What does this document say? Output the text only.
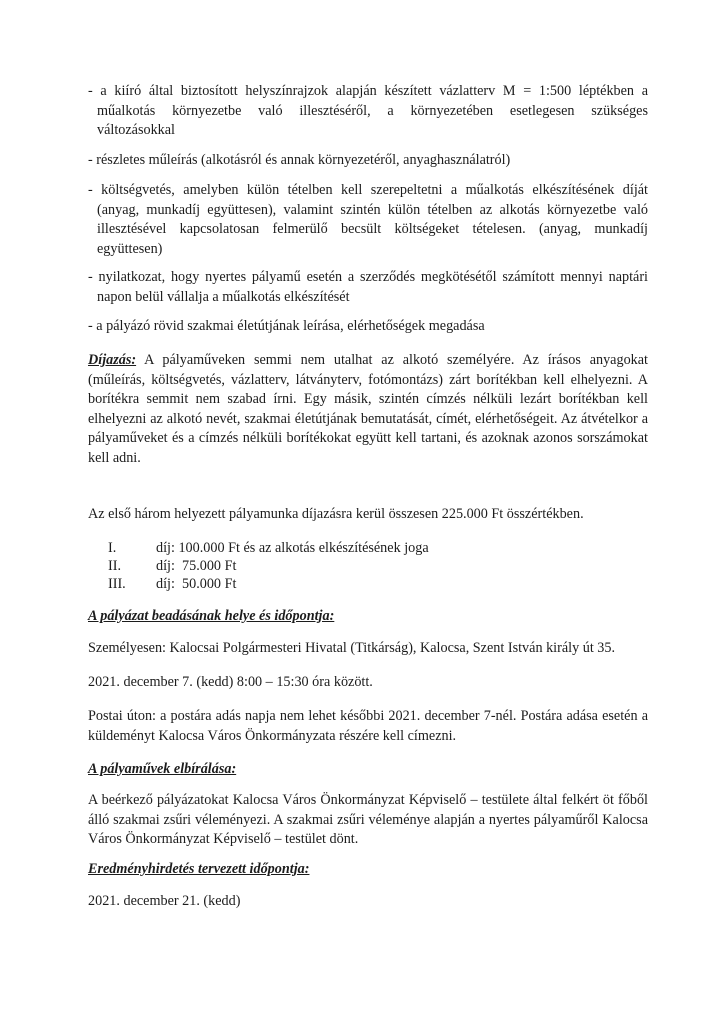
- a kiíró által biztosított helyszínrajzok alapján készített vázlatterv M = 1:500 léptékben a
műalkotás környezetbe való illesztéséről, a környezetében esetlegesen szükséges
változásokkal
- részletes műleírás (alkotásról és annak környezetéről, anyaghasználatról)
- költségvetés, amelyben külön tételben kell szerepeltetni a műalkotás elkészítésének díját
(anyag, munkadíj együttesen), valamint szintén külön tételben az alkotás környezetbe való
illesztésével kapcsolatosan felmerülő becsült költségeket tételesen. (anyag, munkadíj
együttesen)
- nyilatkozat, hogy nyertes pályamű esetén a szerződés megkötésétől számított mennyi naptári
napon belül vállalja a műalkotás elkészítését
- a pályázó rövid szakmai életútjának leírása, elérhetőségek megadása

Díjazás: A pályaműveken semmi nem utalhat az alkotó személyére. Az írásos anyagokat (műleírás, költségvetés, vázlatterv, látványterv, fotómontázs) zárt borítékban kell elhelyezni. A borítékra semmit nem szabad írni. Egy másik, szintén címzés nélküli lezárt borítékban kell elhelyezni az alkotó nevét, szakmai életútjának bemutatását, címét, elérhetőségeit. Az átvételkor a pályaműveket és a címzés nélküli borítékokat együtt kell tartani, és azoknak azonos sorszámokat kell adni.

Az első három helyezett pályamunka díjazásra kerül összesen 225.000 Ft összértékben.

I.	díj: 100.000 Ft és az alkotás elkészítésének joga
II.	díj:  75.000 Ft
III.	díj:  50.000 Ft

A pályázat beadásának helye és időpontja:

Személyesen: Kalocsai Polgármesteri Hivatal (Titkárság), Kalocsa, Szent István király út 35.

2021. december 7. (kedd) 8:00 – 15:30 óra között.

Postai úton: a postára adás napja nem lehet későbbi 2021. december 7-nél. Postára adása esetén a küldeményt Kalocsa Város Önkormányzata részére kell címezni.

A pályaművek elbírálása:

A beérkező pályázatokat Kalocsa Város Önkormányzat Képviselő – testülete által felkért öt főből álló szakmai zsűri véleményezi. A szakmai zsűri véleménye alapján a nyertes pályaműről Kalocsa Város Önkormányzat Képviselő – testület dönt.

Eredményhirdetés tervezett időpontja:

2021. december 21. (kedd)
